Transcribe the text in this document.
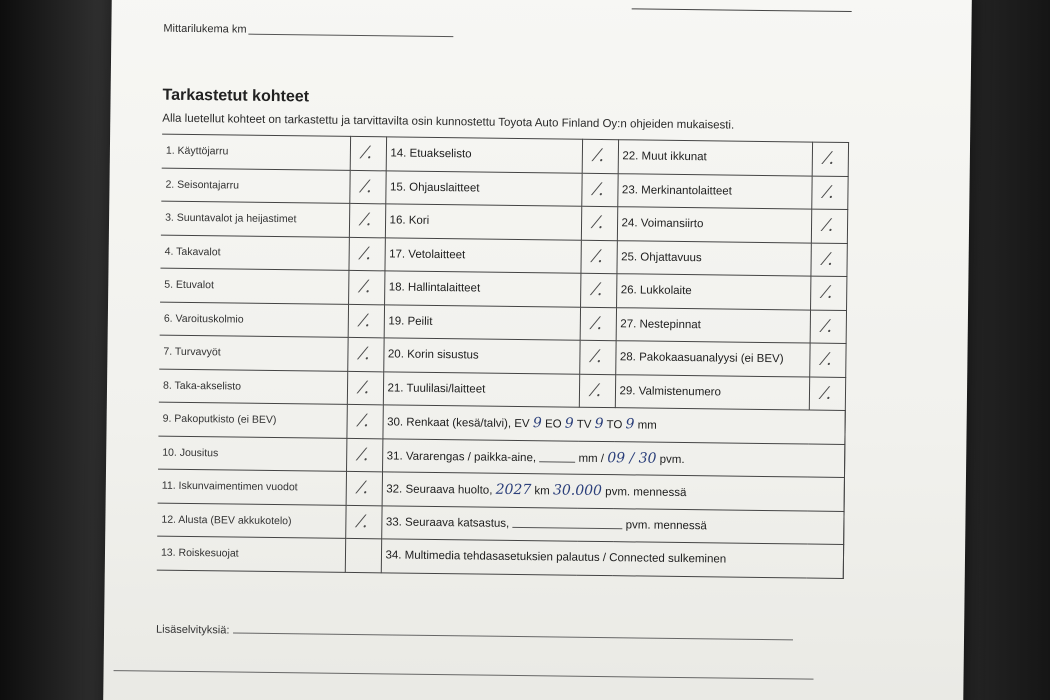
Mittarilukema km
Tarkastetut kohteet
Alla luetellut kohteet on tarkastettu ja tarvittavilta osin kunnostettu Toyota Auto Finland Oy:n ohjeiden mukaisesti.
1. Käyttöjarru	⁄.	14. Etuakselisto	⁄.	22. Muut ikkunat	⁄.	
2. Seisontajarru	⁄.	15. Ohjauslaitteet	⁄.	23. Merkinantolaitteet	⁄.	
3. Suuntavalot ja heijastimet	⁄.	16. Kori	⁄.	24. Voimansiirto	⁄.	
4. Takavalot	⁄.	17. Vetolaitteet	⁄.	25. Ohjattavuus	⁄.	
5. Etuvalot	⁄.	18. Hallintalaitteet	⁄.	26. Lukkolaite	⁄.	
6. Varoituskolmio	⁄.	19. Peilit	⁄.	27. Nestepinnat	⁄.	
7. Turvavyöt	⁄.	20. Korin sisustus	⁄.	28. Pakokaasuanalyysi (ei BEV)	⁄.	
8. Taka-akselisto	⁄.	21. Tuulilasi/laitteet	⁄.	29. Valmistenumero	⁄.	
9. Pakoputkisto (ei BEV)	⁄.	30. Renkaat (kesä/talvi), EV 9 EO 9 TV 9 TO 9 mm	
10. Jousitus	⁄.	31. Vararengas / paikka-aine, mm / 09 / 30 pvm.	
11. Iskunvaimentimen vuodot	⁄.	32. Seuraava huolto, 2027 km 30.000 pvm. mennessä	
12. Alusta (BEV akkukotelo)	⁄.	33. Seuraava katsastus, pvm. mennessä				
13. Roiskesuojat		34. Multimedia tehdasasetuksien palautus / Connected sulkeminen	
Lisäselvityksiä:
